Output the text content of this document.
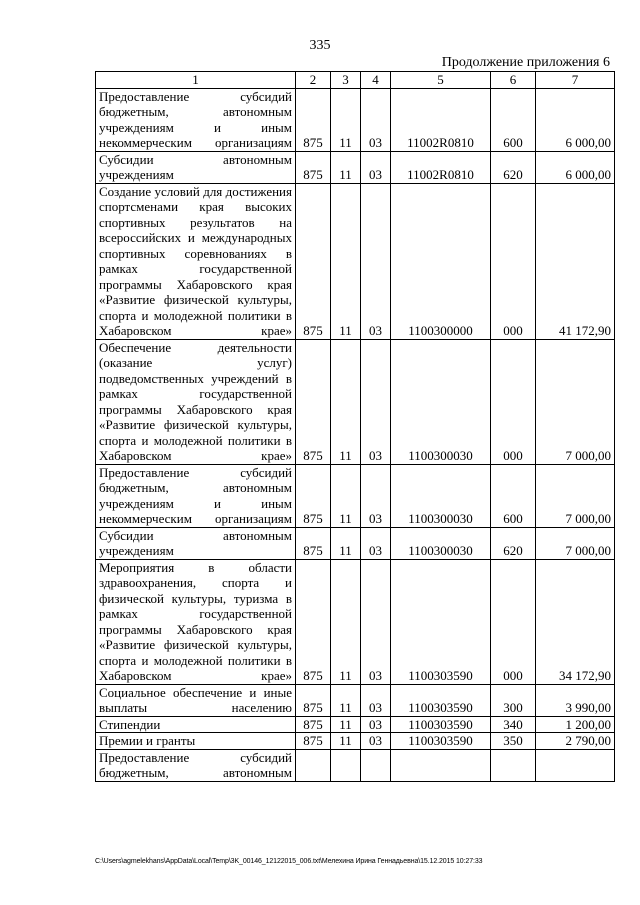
335
Продолжение приложения 6
1	2	3	4	5	6	7
Предоставление субсидий бюджетным, автономным учреждениям и иным некоммерческим организациям	875	11	03	11002R0810	600	6 000,00
Субсидии автономным учреждениям	875	11	03	11002R0810	620	6 000,00
Создание условий для достижения спортсменами края высоких спортивных результатов на всероссийских и международных спортивных соревнованиях в рамках государственной программы Хабаровского края «Развитие физической культуры, спорта и молодежной политики в Хабаровском крае»	875	11	03	1100300000	000	41 172,90
Обеспечение деятельности (оказание услуг) подведомственных учреждений в рамках государственной программы Хабаровского края «Развитие физической культуры, спорта и молодежной политики в Хабаровском крае»	875	11	03	1100300030	000	7 000,00
Предоставление субсидий бюджетным, автономным учреждениям и иным некоммерческим организациям	875	11	03	1100300030	600	7 000,00
Субсидии автономным учреждениям	875	11	03	1100300030	620	7 000,00
Мероприятия в области здравоохранения, спорта и физической культуры, туризма в рамках государственной программы Хабаровского края «Развитие физической культуры, спорта и молодежной политики в Хабаровском крае»	875	11	03	1100303590	000	34 172,90
Социальное обеспечение и иные выплаты населению	875	11	03	1100303590	300	3 990,00
Стипендии	875	11	03	1100303590	340	1 200,00
Премии и гранты	875	11	03	1100303590	350	2 790,00
Предоставление субсидий бюджетным, автономным						
C:\Users\agmelekhans\AppData\Local\Temp\3K_00146_12122015_006.txt\Мелехина Ирина Геннадьевна\15.12.2015 10:27:33
